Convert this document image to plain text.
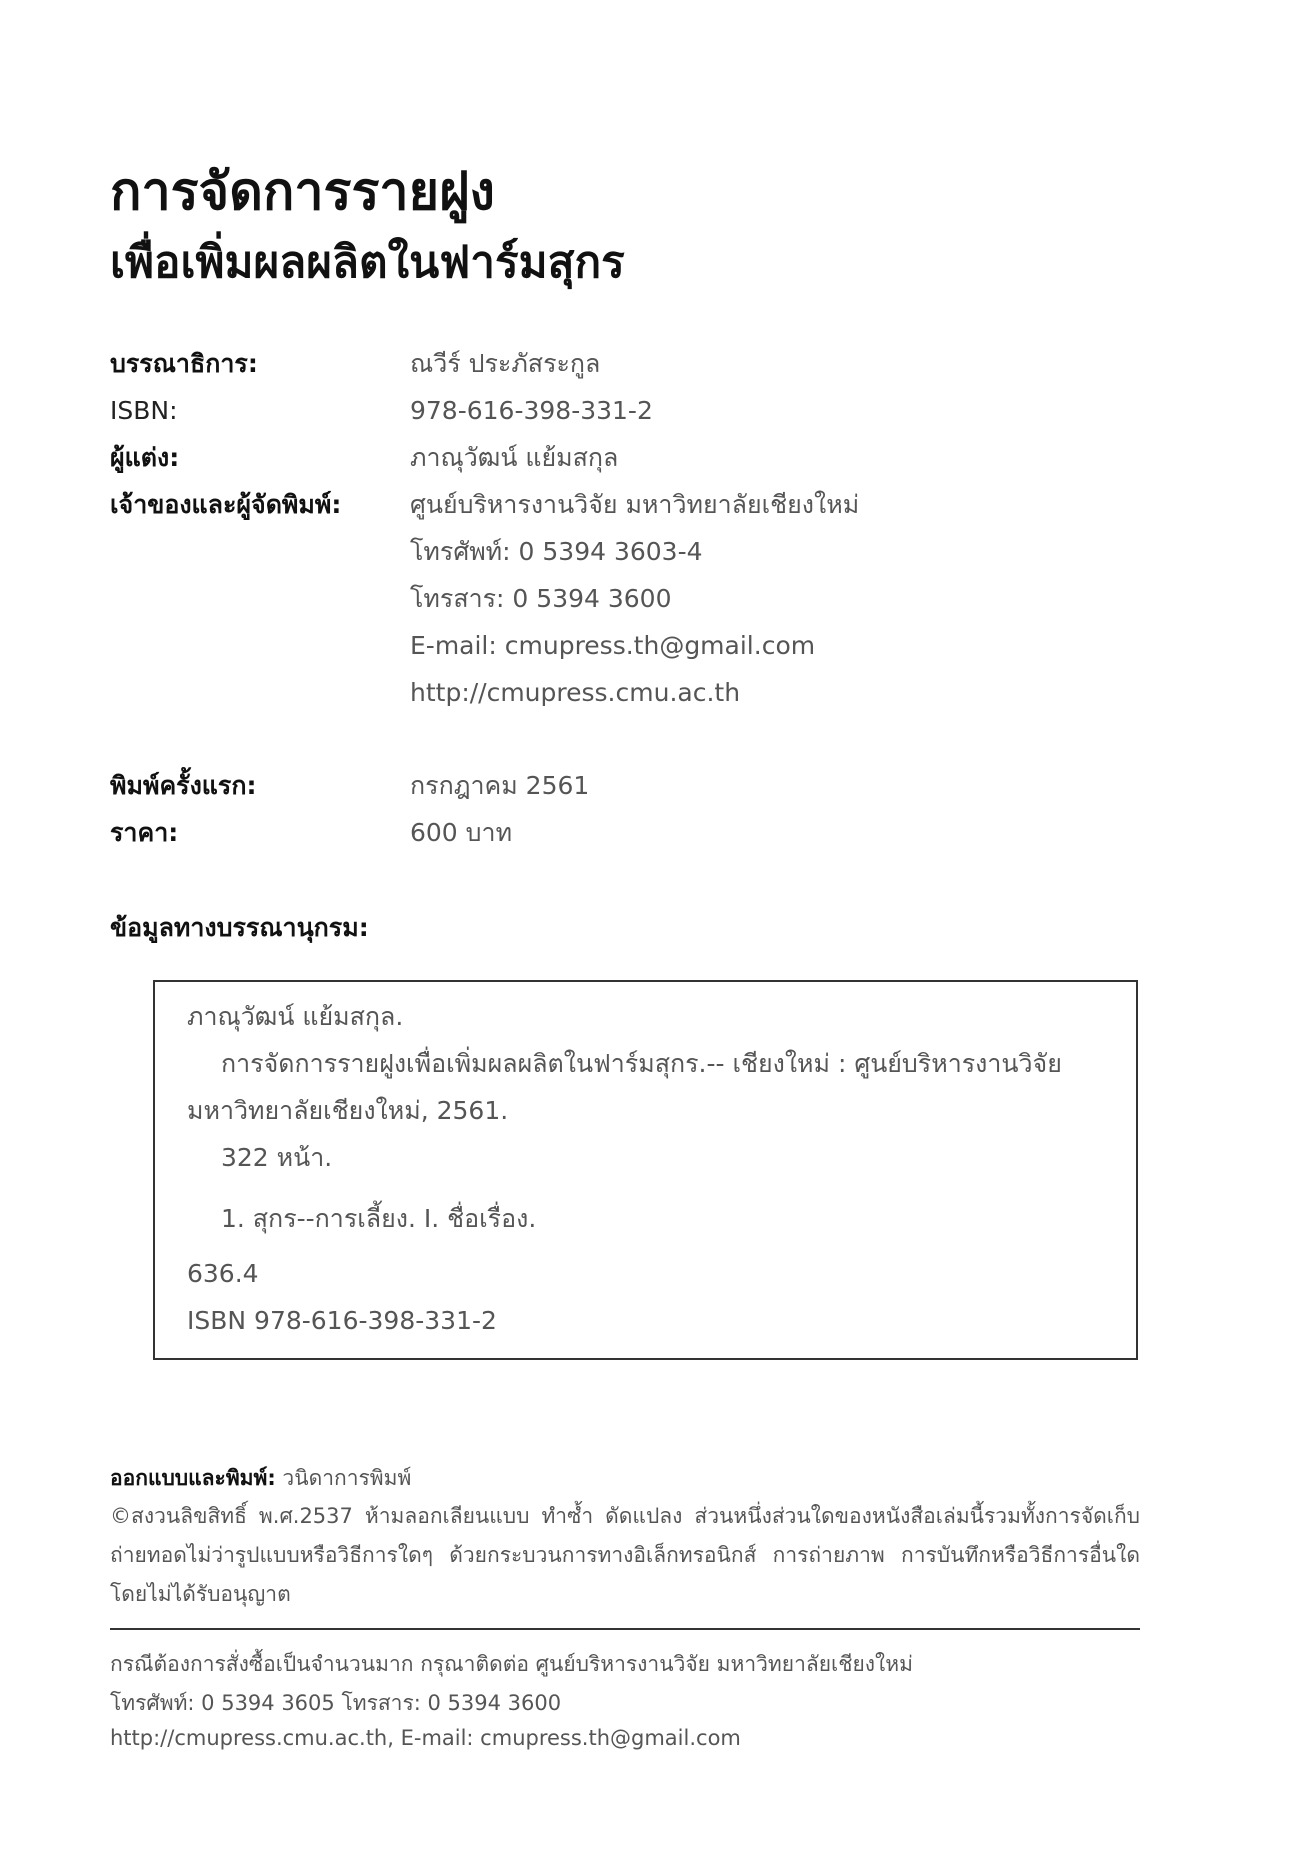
การจัดการรายฝูง
เพื่อเพิ่มผลผลิตในฟาร์มสุกร
บรรณาธิการ:	ณวีร์ ประภัสระกูล
ISBN:	978-616-398-331-2
ผู้แต่ง:	ภาณุวัฒน์ แย้มสกุล
เจ้าของและผู้จัดพิมพ์:	ศูนย์บริหารงานวิจัย มหาวิทยาลัยเชียงใหม่
โทรศัพท์: 0 5394 3603-4
โทรสาร: 0 5394 3600
E-mail: cmupress.th@gmail.com
http://cmupress.cmu.ac.th
พิมพ์ครั้งแรก:	กรกฎาคม 2561
ราคา:	600 บาท
ข้อมูลทางบรรณานุกรม:
ภาณุวัฒน์ แย้มสกุล.
การจัดการรายฝูงเพื่อเพิ่มผลผลิตในฟาร์มสุกร.-- เชียงใหม่ : ศูนย์บริหารงานวิจัย
มหาวิทยาลัยเชียงใหม่, 2561.
322 หน้า.
1. สุกร--การเลี้ยง. I. ชื่อเรื่อง.
636.4
ISBN 978-616-398-331-2
ออกแบบและพิมพ์: วนิดาการพิมพ์
©สงวนลิขสิทธิ์ พ.ศ.2537 ห้ามลอกเลียนแบบ ทำซ้ำ ดัดแปลง ส่วนหนึ่งส่วนใดของหนังสือเล่มนี้รวมทั้งการจัดเก็บถ่ายทอดไม่ว่ารูปแบบหรือวิธีการใดๆ ด้วยกระบวนการทางอิเล็กทรอนิกส์ การถ่ายภาพ การบันทึกหรือวิธีการอื่นใดโดยไม่ได้รับอนุญาต
กรณีต้องการสั่งซื้อเป็นจำนวนมาก กรุณาติดต่อ ศูนย์บริหารงานวิจัย มหาวิทยาลัยเชียงใหม่
โทรศัพท์: 0 5394 3605 โทรสาร: 0 5394 3600
http://cmupress.cmu.ac.th, E-mail: cmupress.th@gmail.com
